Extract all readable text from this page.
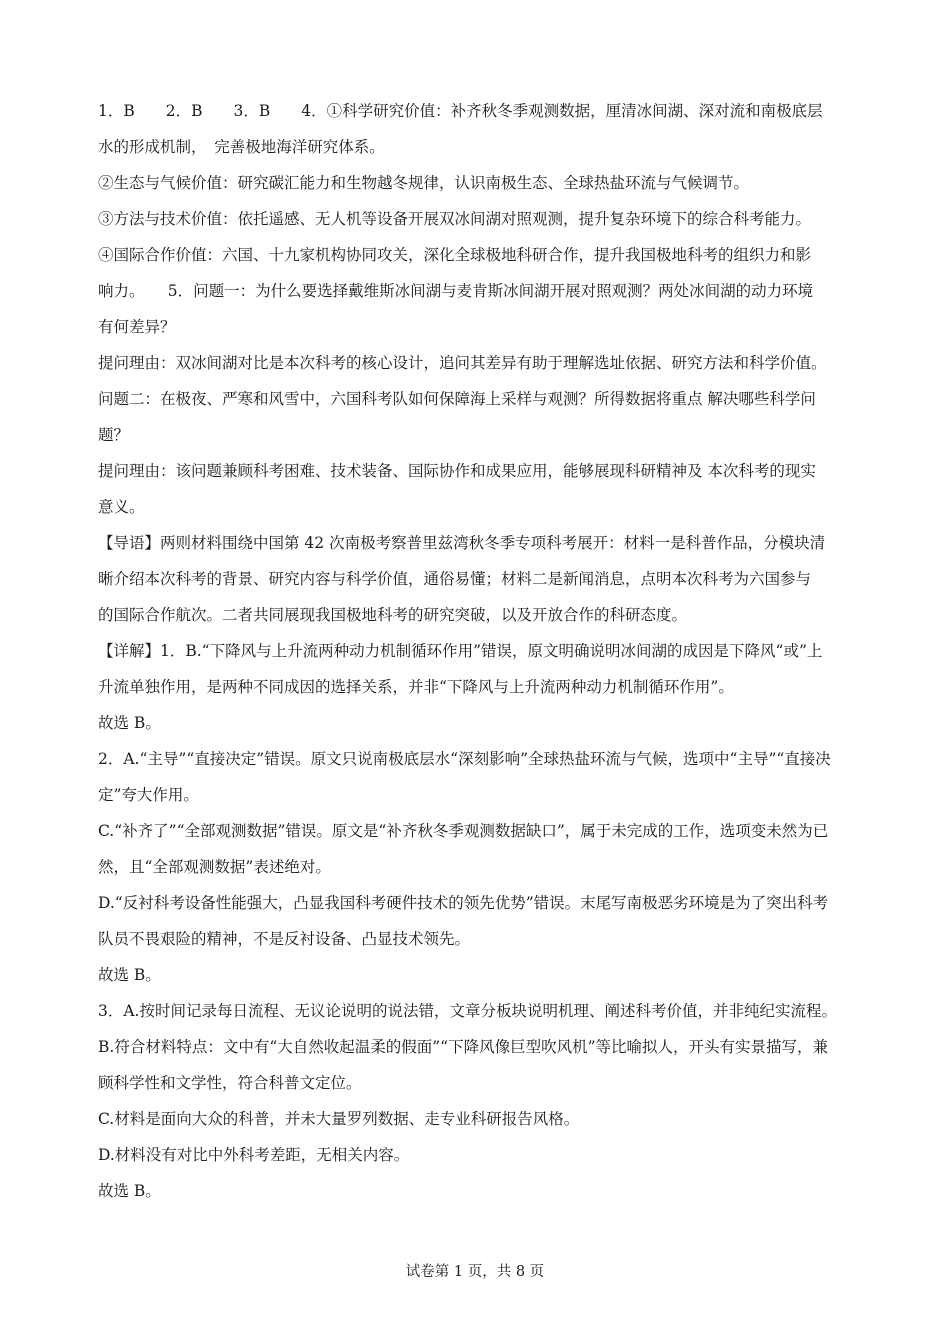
1．B　　2．B　　3．B　　4．①科学研究价值：补齐秋冬季观测数据，厘清冰间湖、深对流和南极底层
水的形成机制，　完善极地海洋研究体系。
②生态与气候价值：研究碳汇能力和生物越冬规律，认识南极生态、全球热盐环流与气候调节。
③方法与技术价值：依托遥感、无人机等设备开展双冰间湖对照观测，提升复杂环境下的综合科考能力。
④国际合作价值：六国、十九家机构协同攻关，深化全球极地科研合作，提升我国极地科考的组织力和影
响力。　　5．问题一：为什么要选择戴维斯冰间湖与麦肯斯冰间湖开展对照观测？两处冰间湖的动力环境
有何差异？
提问理由：双冰间湖对比是本次科考的核心设计，追问其差异有助于理解选址依据、研究方法和科学价值。
问题二：在极夜、严寒和风雪中，六国科考队如何保障海上采样与观测？所得数据将重点 解决哪些科学问
题？
提问理由：该问题兼顾科考困难、技术装备、国际协作和成果应用，能够展现科研精神及 本次科考的现实
意义。
【导语】两则材料围绕中国第 42 次南极考察普里兹湾秋冬季专项科考展开：材料一是科普作品，分模块清
晰介绍本次科考的背景、研究内容与科学价值，通俗易懂；材料二是新闻消息，点明本次科考为六国参与
的国际合作航次。二者共同展现我国极地科考的研究突破，以及开放合作的科研态度。
【详解】1．B.“下降风与上升流两种动力机制循环作用”错误，原文明确说明冰间湖的成因是下降风“或”上
升流单独作用，是两种不同成因的选择关系，并非“下降风与上升流两种动力机制循环作用”。
故选 B。
2．A.“主导”“直接决定”错误。原文只说南极底层水“深刻影响”全球热盐环流与气候，选项中“主导”“直接决
定”夸大作用。
C.“补齐了”“全部观测数据”错误。原文是“补齐秋冬季观测数据缺口”，属于未完成的工作，选项变未然为已
然，且“全部观测数据”表述绝对。
D.“反衬科考设备性能强大，凸显我国科考硬件技术的领先优势”错误。末尾写南极恶劣环境是为了突出科考
队员不畏艰险的精神，不是反衬设备、凸显技术领先。
故选 B。
3．A.按时间记录每日流程、无议论说明的说法错，文章分板块说明机理、阐述科考价值，并非纯纪实流程。
B.符合材料特点：文中有“大自然收起温柔的假面”“下降风像巨型吹风机”等比喻拟人，开头有实景描写，兼
顾科学性和文学性，符合科普文定位。
C.材料是面向大众的科普，并未大量罗列数据、走专业科研报告风格。
D.材料没有对比中外科考差距，无相关内容。
故选 B。
试卷第 1 页，共 8 页
